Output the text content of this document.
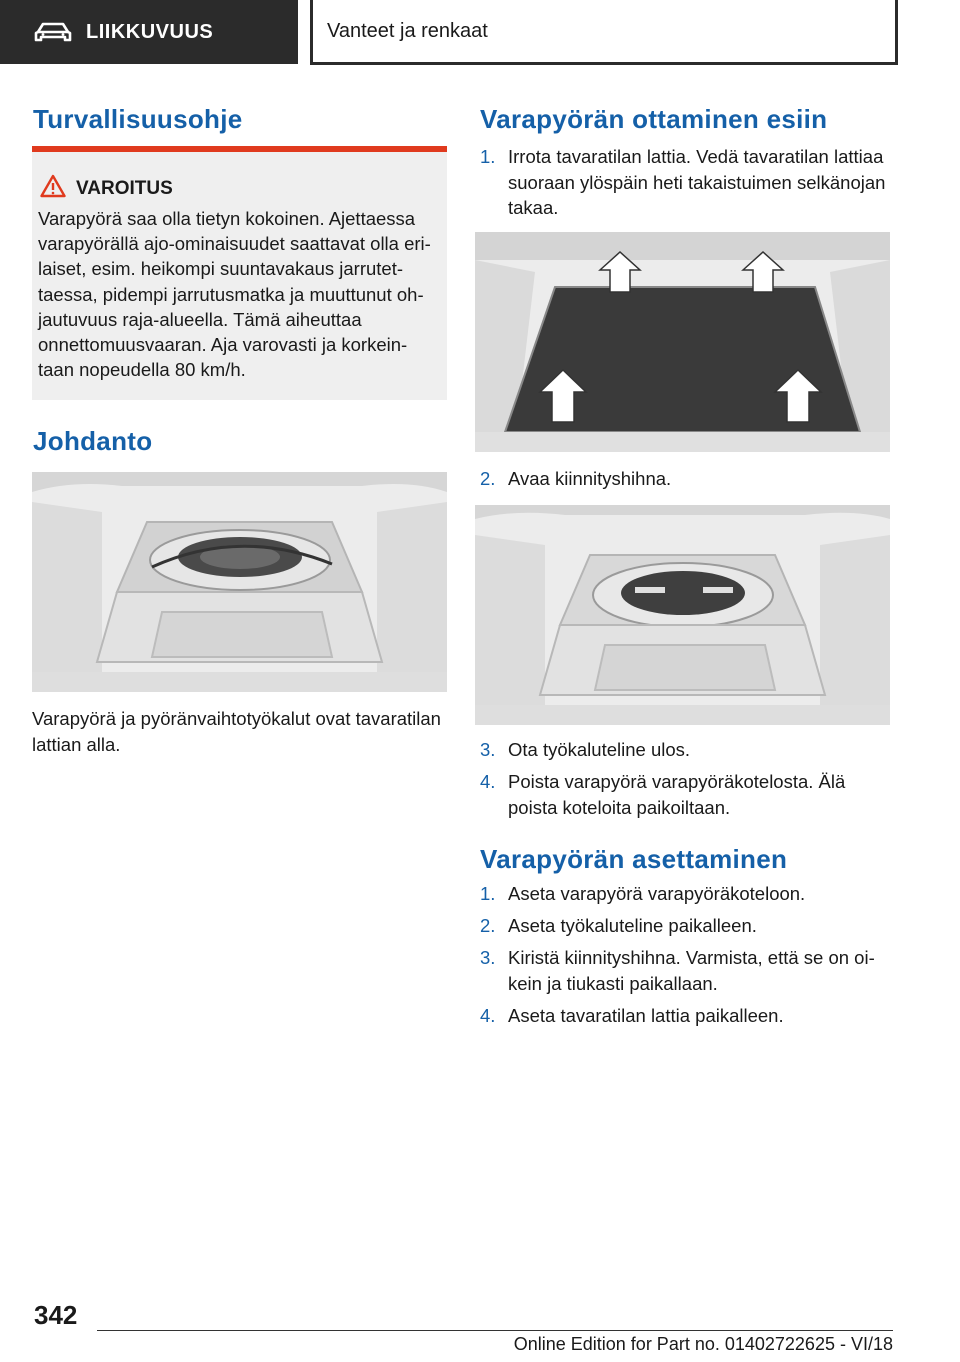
LIIKKUVUUS	Vanteet ja renkaat
Turvallisuusohje
VAROITUS
Varapyörä saa olla tietyn kokoinen. Ajettaessa
varapyörällä ajo-ominaisuudet saattavat olla eri-
laiset, esim. heikompi suuntavakaus jarrutet-
taessa, pidempi jarrutusmatka ja muuttunut oh-
jautuvuus raja-alueella. Tämä aiheuttaa
onnettomuusvaaran. Aja varovasti ja korkein-
taan nopeudella 80 km/h.
Johdanto
Varapyörä ja pyöränvaihtotyökalut ovat tavaratilan
lattian alla.
Varapyörän ottaminen esiin
1. Irrota tavaratilan lattia. Vedä tavaratilan lattiaa
suoraan ylöspäin heti takaistuimen selkänojan
takaa.
2. Avaa kiinnityshihna.
3. Ota työkaluteline ulos.
4. Poista varapyörä varapyöräkotelosta. Älä
poista koteloita paikoiltaan.
Varapyörän asettaminen
1. Aseta varapyörä varapyöräkoteloon.
2. Aseta työkaluteline paikalleen.
3. Kiristä kiinnityshihna. Varmista, että se on oi-
kein ja tiukasti paikallaan.
4. Aseta tavaratilan lattia paikalleen.
342
Online Edition for Part no. 01402722625 - VI/18
